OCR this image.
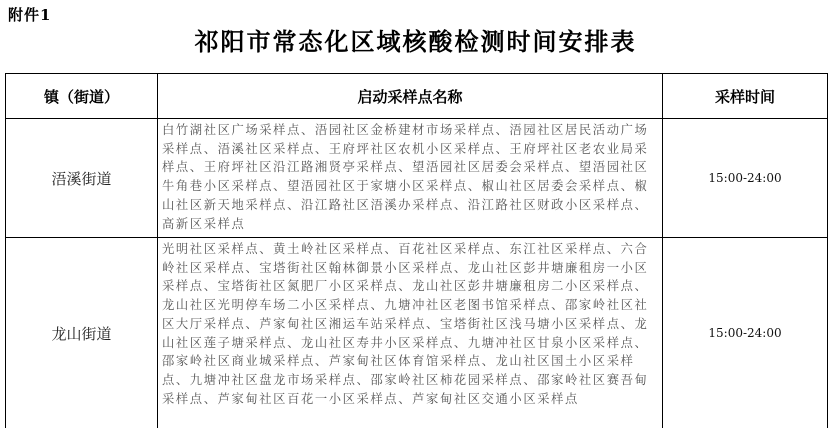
附件1
祁阳市常态化区域核酸检测时间安排表
镇（街道）	启动采样点名称	采样时间
浯溪街道	白竹湖社区广场采样点、浯园社区金桥建材市场采样点、浯园社区居民活动广场采样点、浯溪社区采样点、王府坪社区农机小区采样点、王府坪社区老农业局采样点、王府坪社区沿江路湘贤亭采样点、望浯园社区居委会采样点、望浯园社区牛角巷小区采样点、望浯园社区于家塘小区采样点、椒山社区居委会采样点、椒山社区新天地采样点、沿江路社区浯溪办采样点、沿江路社区财政小区采样点、高新区采样点	15:00-24:00
龙山街道	光明社区采样点、黄土岭社区采样点、百花社区采样点、东江社区采样点、六合岭社区采样点、宝塔街社区翰林御景小区采样点、龙山社区彭井塘廉租房一小区采样点、宝塔街社区氮肥厂小区采样点、龙山社区彭井塘廉租房二小区采样点、龙山社区光明停车场二小区采样点、九塘冲社区老图书馆采样点、邵家岭社区社区大厅采样点、芦家甸社区湘运车站采样点、宝塔街社区浅马塘小区采样点、龙山社区莲子塘采样点、龙山社区寿井小区采样点、九塘冲社区甘泉小区采样点、邵家岭社区商业城采样点、芦家甸社区体育馆采样点、龙山社区国土小区采样点、九塘冲社区盘龙市场采样点、邵家岭社区柿花园采样点、邵家岭社区赛吾甸采样点、芦家甸社区百花一小区采样点、芦家甸社区交通小区采样点	15:00-24:00
